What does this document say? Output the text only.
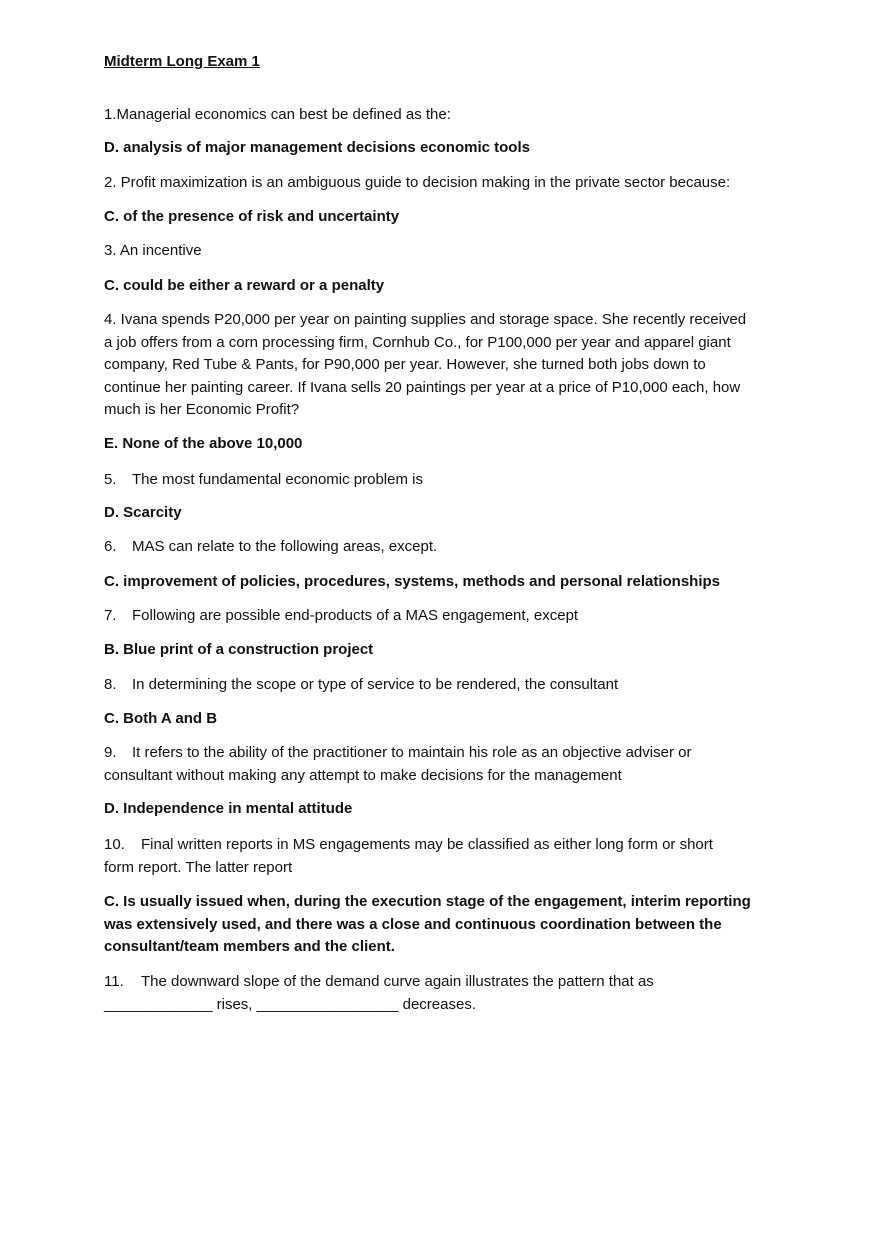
Midterm Long Exam 1
1.Managerial economics can best be defined as the:
D. analysis of major management decisions economic tools
2. Profit maximization is an ambiguous guide to decision making in the private sector because:
C. of the presence of risk and uncertainty
3. An incentive
C. could be either a reward or a penalty
4. Ivana spends P20,000 per year on painting supplies and storage space. She recently received
a job offers from a corn processing firm, Cornhub Co., for P100,000 per year and apparel giant
company, Red Tube & Pants, for P90,000 per year. However, she turned both jobs down to
continue her painting career. If Ivana sells 20 paintings per year at a price of P10,000 each, how
much is her Economic Profit?
E. None of the above 10,000
5. The most fundamental economic problem is
D. Scarcity
6. MAS can relate to the following areas, except.
C. improvement of policies, procedures, systems, methods and personal relationships
7. Following are possible end-products of a MAS engagement, except
B. Blue print of a construction project
8. In determining the scope or type of service to be rendered, the consultant
C. Both A and B
9. It refers to the ability of the practitioner to maintain his role as an objective adviser or
consultant without making any attempt to make decisions for the management
D. Independence in mental attitude
10. Final written reports in MS engagements may be classified as either long form or short
form report. The latter report
C. Is usually issued when, during the execution stage of the engagement, interim reporting
was extensively used, and there was a close and continuous coordination between the
consultant/team members and the client.
11. The downward slope of the demand curve again illustrates the pattern that as
_____________ rises, _________________ decreases.
